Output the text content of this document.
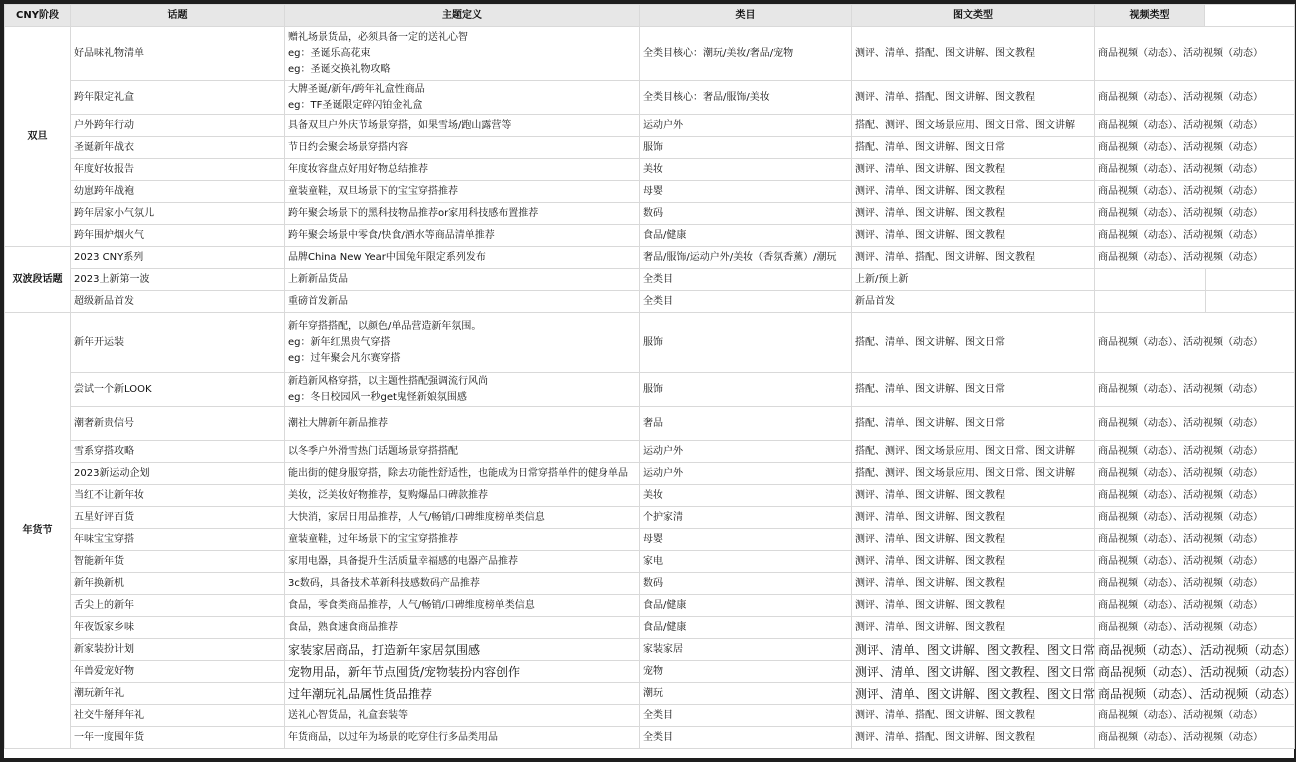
CNY阶段	话题	主题定义	类目	图文类型	视频类型	
双旦	好品味礼物清单	赠礼场景货品，必须具备一定的送礼心智
eg：圣诞乐高花束
eg：圣诞交换礼物攻略	全类目核心：潮玩/美妆/奢品/宠物	测评、清单、搭配、图文讲解、图文教程	商品视频（动态）、活动视频（动态）	
	跨年限定礼盒	大牌圣诞/新年/跨年礼盒性商品
eg：TF圣诞限定碎闪铂金礼盒	全类目核心：奢品/服饰/美妆	测评、清单、搭配、图文讲解、图文教程	商品视频（动态）、活动视频（动态）	
	户外跨年行动	具备双旦户外庆节场景穿搭，如果雪场/跑山露营等	运动户外	搭配、测评、图文场景应用、图文日常、图文讲解	商品视频（动态）、活动视频（动态）	
	圣诞新年战衣	节日约会聚会场景穿搭内容	服饰	搭配、清单、图文讲解、图文日常	商品视频（动态）、活动视频（动态）	
	年度好妆报告	年度妆容盘点好用好物总结推荐	美妆	测评、清单、图文讲解、图文教程	商品视频（动态）、活动视频（动态）	
	幼崽跨年战袍	童装童鞋，双旦场景下的宝宝穿搭推荐	母婴	测评、清单、图文讲解、图文教程	商品视频（动态）、活动视频（动态）	
	跨年居家小气氛儿	跨年聚会场景下的黑科技物品推荐or家用科技感布置推荐	数码	测评、清单、图文讲解、图文教程	商品视频（动态）、活动视频（动态）	
	跨年围炉烟火气	跨年聚会场景中零食/快食/酒水等商品清单推荐	食品/健康	测评、清单、图文讲解、图文教程	商品视频（动态）、活动视频（动态）	
双波段话题	2023 CNY系列	品牌China New Year中国兔年限定系列发布	奢品/服饰/运动户外/美妆（香氛香薰）/潮玩	测评、清单、搭配、图文讲解、图文教程	商品视频（动态）、活动视频（动态）	
	2023上新第一波	上新新品货品	全类目	上新/预上新		
	超级新品首发	重磅首发新品	全类目	新品首发		
年货节	新年开运装	新年穿搭搭配，以颜色/单品营造新年氛围。
eg：新年红黑贵气穿搭
eg：过年聚会凡尔赛穿搭	服饰	搭配、清单、图文讲解、图文日常	商品视频（动态）、活动视频（动态）	
	尝试一个新LOOK	新趋新风格穿搭，以主题性搭配强调流行风尚
eg：冬日校园风一秒get鬼怪新娘氛围感	服饰	搭配、清单、图文讲解、图文日常	商品视频（动态）、活动视频（动态）	
	潮奢新贵信号	潮社大牌新年新品推荐	奢品	搭配、清单、图文讲解、图文日常	商品视频（动态）、活动视频（动态）	
	雪系穿搭攻略	以冬季户外滑雪热门话题场景穿搭搭配	运动户外	搭配、测评、图文场景应用、图文日常、图文讲解	商品视频（动态）、活动视频（动态）	
	2023新运动企划	能出街的健身服穿搭，除去功能性舒适性，也能成为日常穿搭单件的健身单品	运动户外	搭配、测评、图文场景应用、图文日常、图文讲解	商品视频（动态）、活动视频（动态）	
	当红不让新年妆	美妆，泛美妆好物推荐，复购爆品口碑款推荐	美妆	测评、清单、图文讲解、图文教程	商品视频（动态）、活动视频（动态）	
	五星好评百货	大快消，家居日用品推荐，人气/畅销/口碑维度榜单类信息	个护家清	测评、清单、图文讲解、图文教程	商品视频（动态）、活动视频（动态）	
	年味宝宝穿搭	童装童鞋，过年场景下的宝宝穿搭推荐	母婴	测评、清单、图文讲解、图文教程	商品视频（动态）、活动视频（动态）	
	智能新年货	家用电器，具备提升生活质量幸福感的电器产品推荐	家电	测评、清单、图文讲解、图文教程	商品视频（动态）、活动视频（动态）	
	新年换新机	3c数码，具备技术革新科技感数码产品推荐	数码	测评、清单、图文讲解、图文教程	商品视频（动态）、活动视频（动态）	
	舌尖上的新年	食品，零食类商品推荐，人气/畅销/口碑维度榜单类信息	食品/健康	测评、清单、图文讲解、图文教程	商品视频（动态）、活动视频（动态）	
	年夜饭家乡味	食品，熟食速食商品推荐	食品/健康	测评、清单、图文讲解、图文教程	商品视频（动态）、活动视频（动态）	
	新家装扮计划	家装家居商品，打造新年家居氛围感	家装家居	测评、清单、图文讲解、图文教程、图文日常	商品视频（动态）、活动视频（动态）	
	年兽爱宠好物	宠物用品，新年节点囤货/宠物装扮内容创作	宠物	测评、清单、图文讲解、图文教程、图文日常	商品视频（动态）、活动视频（动态）	
	潮玩新年礼	过年潮玩礼品属性货品推荐	潮玩	测评、清单、图文讲解、图文教程、图文日常	商品视频（动态）、活动视频（动态）	
	社交牛掰拜年礼	送礼心智货品，礼盒套装等	全类目	测评、清单、搭配、图文讲解、图文教程	商品视频（动态）、活动视频（动态）	
	一年一度囤年货	年货商品，以过年为场景的吃穿住行多品类用品	全类目	测评、清单、搭配、图文讲解、图文教程	商品视频（动态）、活动视频（动态）	
